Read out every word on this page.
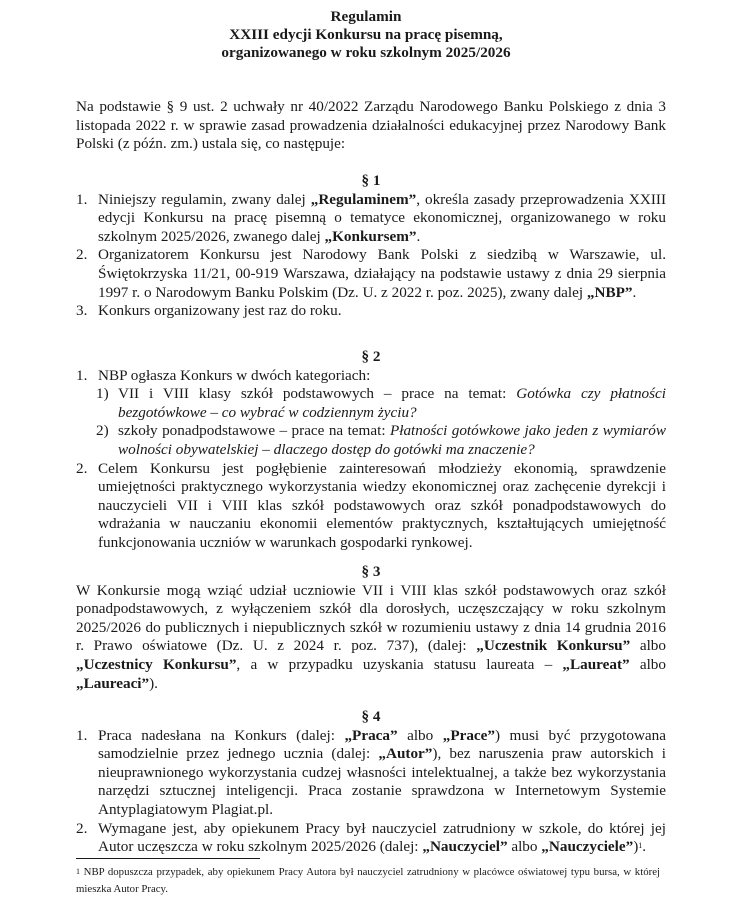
Regulamin
XXIII edycji Konkursu na pracę pisemną,
organizowanego w roku szkolnym 2025/2026
Na podstawie § 9 ust. 2 uchwały nr 40/2022 Zarządu Narodowego Banku Polskiego z dnia 3 listopada 2022 r. w sprawie zasad prowadzenia działalności edukacyjnej przez Narodowy Bank Polski (z późn. zm.) ustala się, co następuje:
§ 1
1. Niniejszy regulamin, zwany dalej „Regulaminem”, określa zasady przeprowadzenia XXIII edycji Konkursu na pracę pisemną o tematyce ekonomicznej, organizowanego w roku szkolnym 2025/2026, zwanego dalej „Konkursem”.
2. Organizatorem Konkursu jest Narodowy Bank Polski z siedzibą w Warszawie, ul. Świętokrzyska 11/21, 00-919 Warszawa, działający na podstawie ustawy z dnia 29 sierpnia 1997 r. o Narodowym Banku Polskim (Dz. U. z 2022 r. poz. 2025), zwany dalej „NBP”.
3. Konkurs organizowany jest raz do roku.
§ 2
1. NBP ogłasza Konkurs w dwóch kategoriach:
1) VII i VIII klasy szkół podstawowych – prace na temat: Gotówka czy płatności bezgotówkowe – co wybrać w codziennym życiu?
2) szkoły ponadpodstawowe – prace na temat: Płatności gotówkowe jako jeden z wymiarów wolności obywatelskiej – dlaczego dostęp do gotówki ma znaczenie?
2. Celem Konkursu jest pogłębienie zainteresowań młodzieży ekonomią, sprawdzenie umiejętności praktycznego wykorzystania wiedzy ekonomicznej oraz zachęcenie dyrekcji i nauczycieli VII i VIII klas szkół podstawowych oraz szkół ponadpodstawowych do wdrażania w nauczaniu ekonomii elementów praktycznych, kształtujących umiejętność funkcjonowania uczniów w warunkach gospodarki rynkowej.
§ 3
W Konkursie mogą wziąć udział uczniowie VII i VIII klas szkół podstawowych oraz szkół ponadpodstawowych, z wyłączeniem szkół dla dorosłych, uczęszczający w roku szkolnym 2025/2026 do publicznych i niepublicznych szkół w rozumieniu ustawy z dnia 14 grudnia 2016 r. Prawo oświatowe (Dz. U. z 2024 r. poz. 737), (dalej: „Uczestnik Konkursu” albo „Uczestnicy Konkursu”, a w przypadku uzyskania statusu laureata – „Laureat” albo „Laureaci”).
§ 4
1. Praca nadesłana na Konkurs (dalej: „Praca” albo „Prace”) musi być przygotowana samodzielnie przez jednego ucznia (dalej: „Autor”), bez naruszenia praw autorskich i nieuprawnionego wykorzystania cudzej własności intelektualnej, a także bez wykorzystania narzędzi sztucznej inteligencji. Praca zostanie sprawdzona w Internetowym Systemie Antyplagiatowym Plagiat.pl.
2. Wymagane jest, aby opiekunem Pracy był nauczyciel zatrudniony w szkole, do której jej Autor uczęszcza w roku szkolnym 2025/2026 (dalej: „Nauczyciel” albo „Nauczyciele”)$^1$.
$^1$ NBP dopuszcza przypadek, aby opiekunem Pracy Autora był nauczyciel zatrudniony w placówce oświatowej typu bursa, w której mieszka Autor Pracy.
